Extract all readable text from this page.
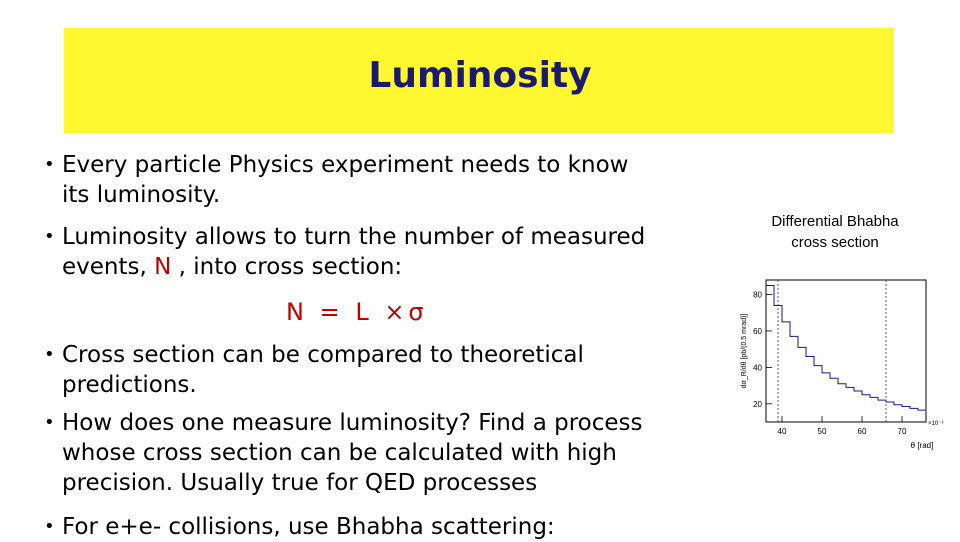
Luminosity
• Every particle Physics experiment needs to know
its luminosity.
• Luminosity allows to turn the number of measured
events, N , into cross section:
• Cross section can be compared to theoretical
predictions.
• How does one measure luminosity? Find a process
whose cross section can be calculated with high
precision. Usually true for QED processes
• For e+e- collisions, use Bhabha scattering:
N = L ×σ
Differential Bhabha cross section
40	50	60	70
20
40
60
80
×10⁻³
θ [rad]
dσ_R/dθ [pb/(0.5 mrad)]
